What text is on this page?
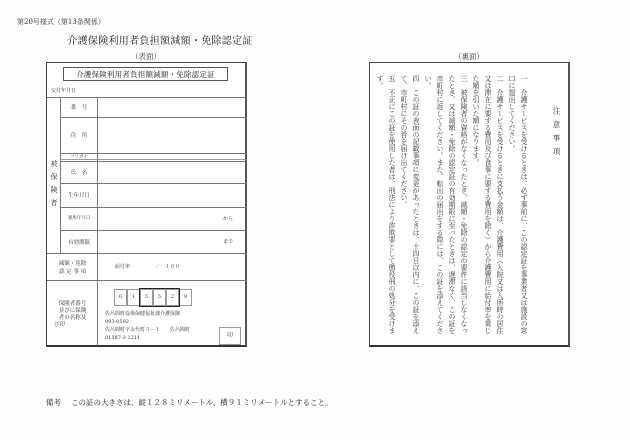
第20号様式（第13条関係）
介護保険利用者負担額減額・免除認定証
（表面）	（裏面）
介護保険利用者負担額減額・免除認定証
交付年月日
被保険者
番　号
住　所
フリガナ
氏　名
生年月日
適用年月日	から
有効期限	まで
減額・免除
認 定 事 項
給付率	／　１００
保険者番号
並びに保険
者の名称及
び印
0	1	5	5	2	9
佐呂間町役場保健福祉課介護保険
093-0592
佐呂間町字永代町３－１　　佐呂間町
01587-2-1211	印
注意事項
一　介護サービスを受けるときは、必ず事前に、この認定証を事業者又は施設の窓口に提出してください。
二　介護サービスを受けるときに支払う金額は、介護費用（入院又は入所時の居住又は滞在に要する費用及び食事に要する費用を除く）から介護費用に給付率を乗じた額を引いた額になります。
三　被保険者の資格がなくなったとき、減額・免除の認定の要件に該当しなくなったとき、又は減額・免除の認定証の有効期限に至ったときは、遅滞なく、この証を市町村に返してください。また、転出の届出をする際には、この証を添えてください。
四　この証の表面の記載事項に変更があったときは、十四日以内に、この証を添えて、市町村にその旨を届け出てください。
五　不正にこの証を使用した者は、刑法により詐欺罪として懲役刑の処分を受けます。
備考 この証の大きさは、縦１２８ミリメートル、横９１ミリメートルとすること。
